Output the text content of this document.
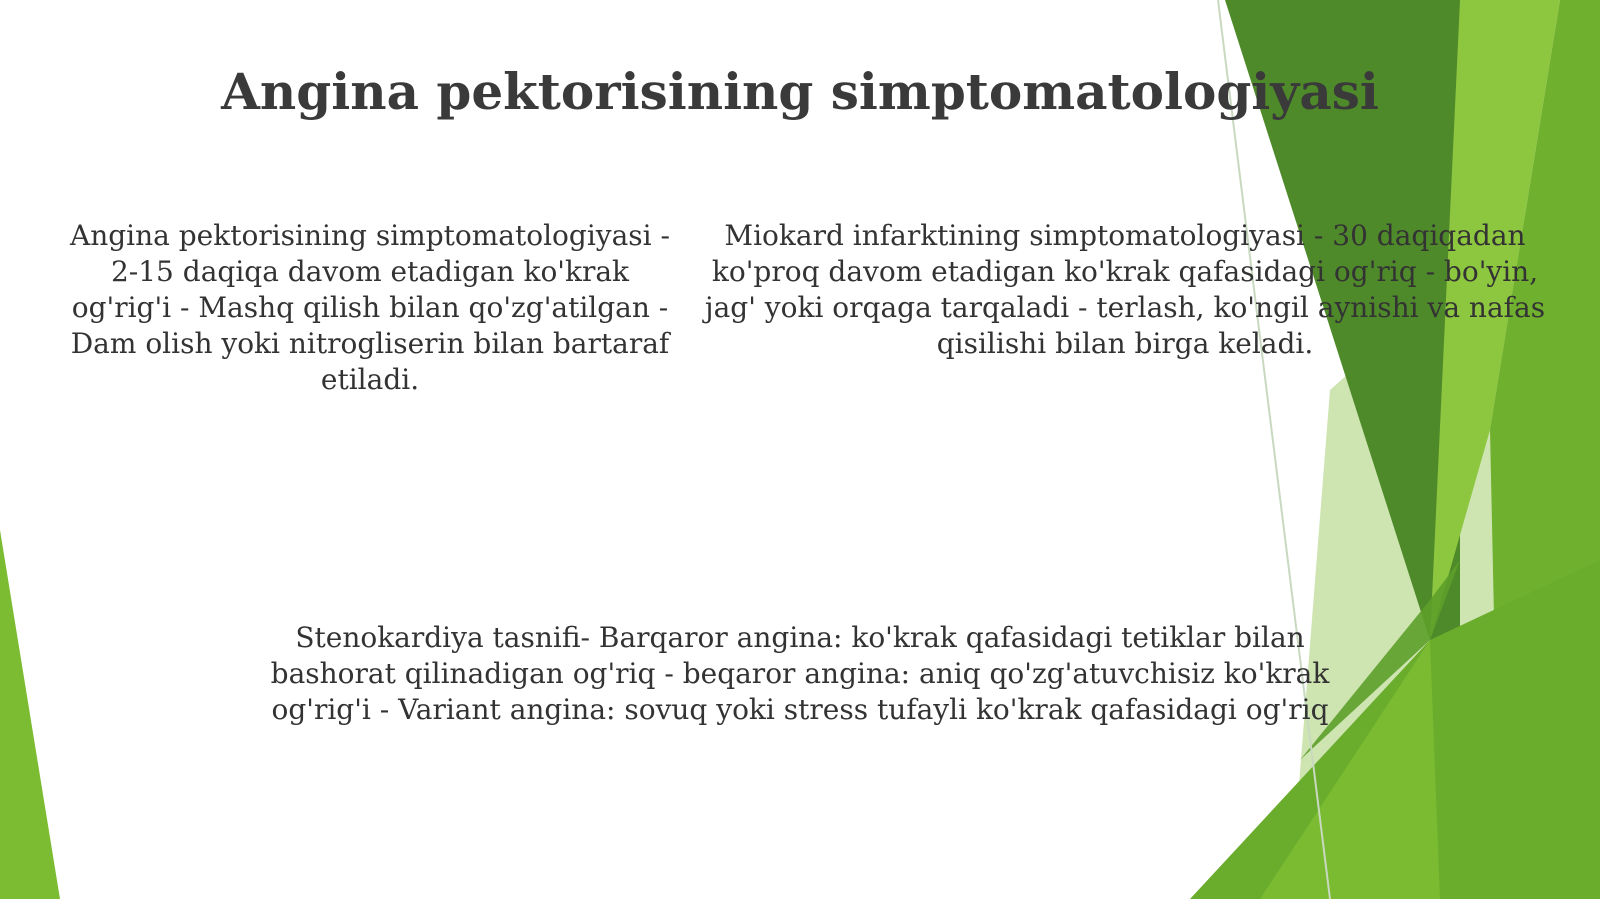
Angina pektorisining simptomatologiyasi

Angina pektorisining simptomatologiyasi - 2-15 daqiqa davom etadigan ko'krak og'rig'i - Mashq qilish bilan qo'zg'atilgan - Dam olish yoki nitrogliserin bilan bartaraf etiladi.

Miokard infarktining simptomatologiyasi - 30 daqiqadan ko'proq davom etadigan ko'krak qafasidagi og'riq - bo'yin, jag' yoki orqaga tarqaladi - terlash, ko'ngil aynishi va nafas qisilishi bilan birga keladi.

Stenokardiya tasnifi- Barqaror angina: ko'krak qafasidagi tetiklar bilan bashorat qilinadigan og'riq - beqaror angina: aniq qo'zg'atuvchisiz ko'krak og'rig'i - Variant angina: sovuq yoki stress tufayli ko'krak qafasidagi og'riq
